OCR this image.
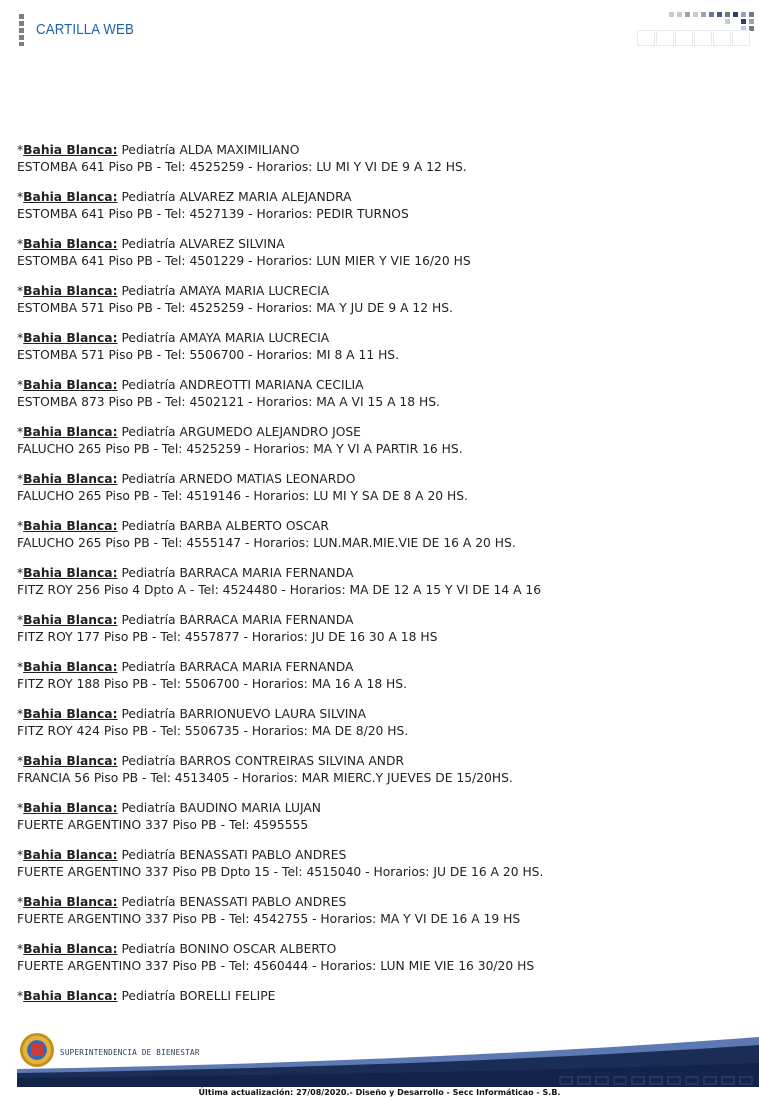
CARTILLA WEB
*Bahia Blanca: Pediatría ALDA MAXIMILIANO
ESTOMBA 641 Piso PB - Tel: 4525259 - Horarios: LU MI Y VI DE 9 A 12 HS.
*Bahia Blanca: Pediatría ALVAREZ MARIA ALEJANDRA
ESTOMBA 641 Piso PB - Tel: 4527139 - Horarios: PEDIR TURNOS
*Bahia Blanca: Pediatría ALVAREZ SILVINA
ESTOMBA 641 Piso PB - Tel: 4501229 - Horarios: LUN MIER Y VIE 16/20 HS
*Bahia Blanca: Pediatría AMAYA MARIA LUCRECIA
ESTOMBA 571 Piso PB - Tel: 4525259 - Horarios: MA Y JU DE 9 A 12 HS.
*Bahia Blanca: Pediatría AMAYA MARIA LUCRECIA
ESTOMBA 571 Piso PB - Tel: 5506700 - Horarios: MI 8 A 11 HS.
*Bahia Blanca: Pediatría ANDREOTTI MARIANA CECILIA
ESTOMBA 873 Piso PB - Tel: 4502121 - Horarios: MA A VI 15 A 18 HS.
*Bahia Blanca: Pediatría ARGUMEDO ALEJANDRO JOSE
FALUCHO 265 Piso PB - Tel: 4525259 - Horarios: MA Y VI A PARTIR 16 HS.
*Bahia Blanca: Pediatría ARNEDO MATIAS LEONARDO
FALUCHO 265 Piso PB - Tel: 4519146 - Horarios: LU MI Y SA DE 8 A 20 HS.
*Bahia Blanca: Pediatría BARBA ALBERTO OSCAR
FALUCHO 265 Piso PB - Tel: 4555147 - Horarios: LUN.MAR.MIE.VIE DE 16 A 20 HS.
*Bahia Blanca: Pediatría BARRACA MARIA FERNANDA
FITZ ROY 256 Piso 4 Dpto A - Tel: 4524480 - Horarios: MA DE 12 A 15 Y VI DE 14 A 16
*Bahia Blanca: Pediatría BARRACA MARIA FERNANDA
FITZ ROY 177 Piso PB - Tel: 4557877 - Horarios: JU DE 16 30 A 18 HS
*Bahia Blanca: Pediatría BARRACA MARIA FERNANDA
FITZ ROY 188 Piso PB - Tel: 5506700 - Horarios: MA 16 A 18 HS.
*Bahia Blanca: Pediatría BARRIONUEVO LAURA SILVINA
FITZ ROY 424 Piso PB - Tel: 5506735 - Horarios: MA DE 8/20 HS.
*Bahia Blanca: Pediatría BARROS CONTREIRAS SILVINA ANDR
FRANCIA 56 Piso PB - Tel: 4513405 - Horarios: MAR MIERC.Y JUEVES DE 15/20HS.
*Bahia Blanca: Pediatría BAUDINO MARIA LUJAN
FUERTE ARGENTINO 337 Piso PB - Tel: 4595555
*Bahia Blanca: Pediatría BENASSATI PABLO ANDRES
FUERTE ARGENTINO 337 Piso PB Dpto 15 - Tel: 4515040 - Horarios: JU DE 16 A 20 HS.
*Bahia Blanca: Pediatría BENASSATI PABLO ANDRES
FUERTE ARGENTINO 337 Piso PB - Tel: 4542755 - Horarios: MA Y VI DE 16 A 19 HS
*Bahia Blanca: Pediatría BONINO OSCAR ALBERTO
FUERTE ARGENTINO 337 Piso PB - Tel: 4560444 - Horarios: LUN MIE VIE 16 30/20 HS
*Bahia Blanca: Pediatría BORELLI FELIPE
SUPERINTENDENCIA DE BIENESTAR
Última actualización: 27/08/2020.- Diseño y Desarrollo - Secc Informáticao - S.B.
